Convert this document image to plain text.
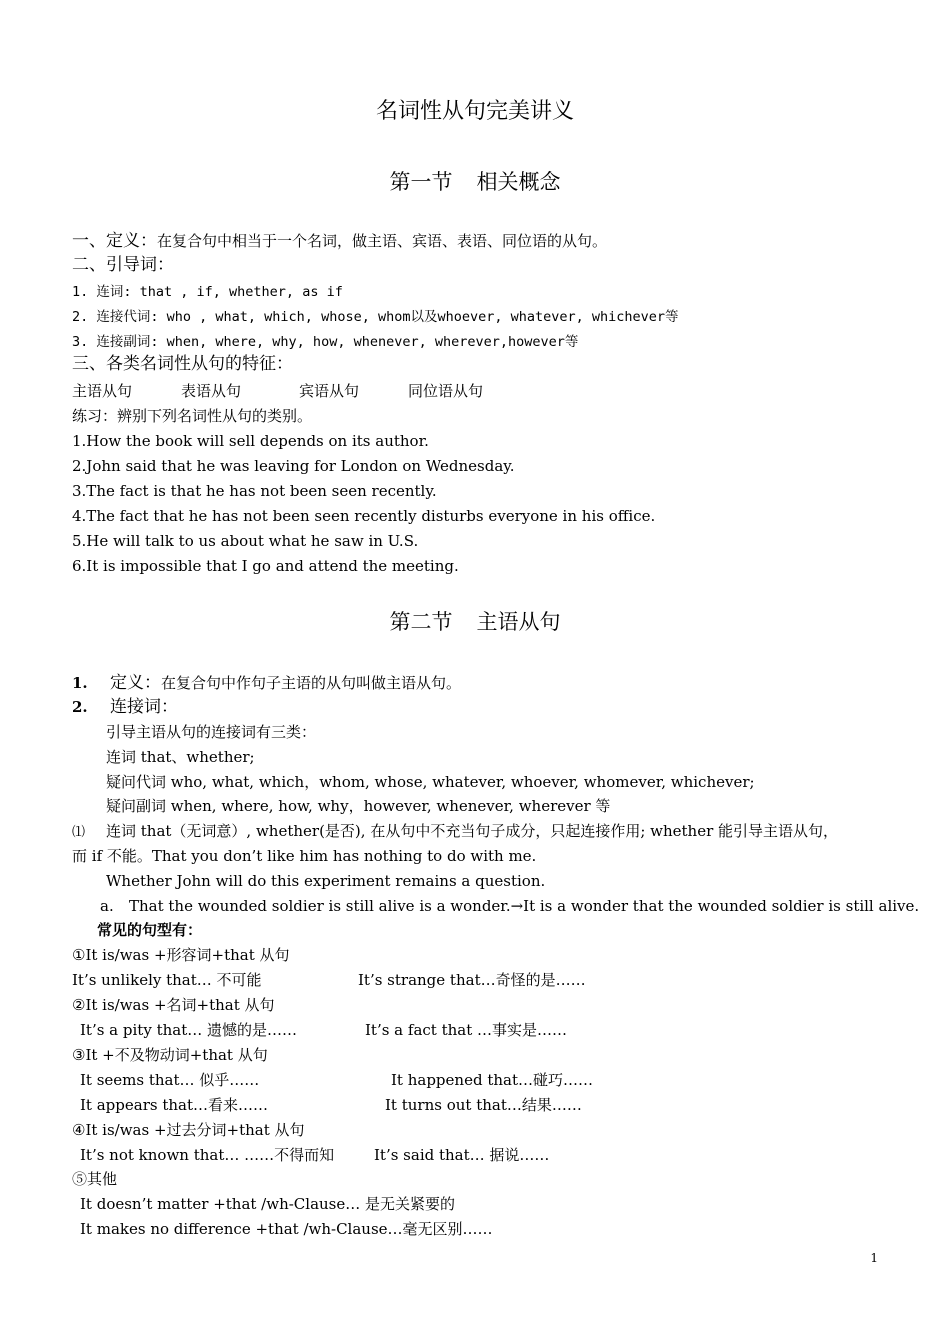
名词性从句完美讲义
第一节 相关概念
一、定义：在复合句中相当于一个名词，做主语、宾语、表语、同位语的从句。
二、引导词：
1. 连词: that , if, whether, as if
2. 连接代词: who , what, which, whose, whom以及whoever, whatever, whichever等
3. 连接副词: when, where, why, how, whenever, wherever,however等
三、各类名词性从句的特征：
主语从句	表语从句	宾语从句	同位语从句
练习：辨别下列名词性从句的类别。
1.How the book will sell depends on its author.
2.John said that he was leaving for London on Wednesday.
3.The fact is that he has not been seen recently.
4.The fact that he has not been seen recently disturbs everyone in his office.
5.He will talk to us about what he saw in U.S.
6.It is impossible that I go and attend the meeting.
第二节 主语从句
1. 定义：在复合句中作句子主语的从句叫做主语从句。
2. 连接词：
引导主语从句的连接词有三类：
连词 that、whether;
疑问代词 who, what, which，whom, whose, whatever, whoever, whomever, whichever;
疑问副词 when, where, how, why，however, whenever, wherever 等
⑴ 连词 that（无词意）, whether(是否), 在从句中不充当句子成分，只起连接作用; whether 能引导主语从句，
而 if 不能。That you don’t like him has nothing to do with me.
Whether John will do this experiment remains a question.
a. That the wounded soldier is still alive is a wonder.→It is a wonder that the wounded soldier is still alive.
常见的句型有：
①It is/was +形容词+that 从句
It’s unlikely that… 不可能	It’s strange that…奇怪的是……
②It is/was +名词+that 从句
It’s a pity that… 遗憾的是……	It’s a fact that …事实是……
③It +不及物动词+that 从句
It seems that… 似乎……	It happened that…碰巧……
It appears that…看来……	It turns out that…结果……
④It is/was +过去分词+that 从句
It’s not known that… ……不得而知	It’s said that… 据说……
⑤其他
It doesn’t matter +that /wh-Clause… 是无关紧要的
It makes no difference +that /wh-Clause…毫无区别……
1
